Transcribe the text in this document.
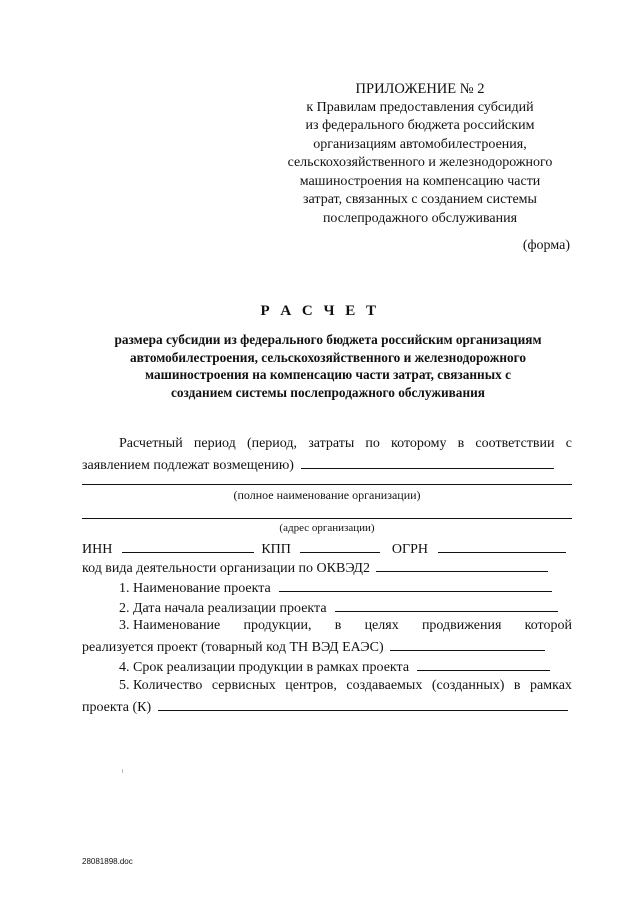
ПРИЛОЖЕНИЕ № 2
к Правилам предоставления субсидий
из федерального бюджета российским
организациям автомобилестроения,
сельскохозяйственного и железнодорожного
машиностроения на компенсацию части
затрат, связанных с созданием системы
послепродажного обслуживания
(форма)
Р А С Ч Е Т
размера субсидии из федерального бюджета российским организациям
автомобилестроения, сельскохозяйственного и железнодорожного
машиностроения на компенсацию части затрат, связанных с
созданием системы послепродажного обслуживания
Расчетный период (период, затраты по которому в соответствии с
заявлением подлежат возмещению)
(полное наименование организации)
(адрес организации)
ИНН	КПП	ОГРН
код вида деятельности организации по ОКВЭД2
1. Наименование проекта
2. Дата начала реализации проекта
3. Наименование продукции, в целях продвижения которой
реализуется проект (товарный код ТН ВЭД ЕАЭС)
4. Срок реализации продукции в рамках проекта
5. Количество сервисных центров, создаваемых (созданных) в рамках
проекта (К)
28081898.doc
